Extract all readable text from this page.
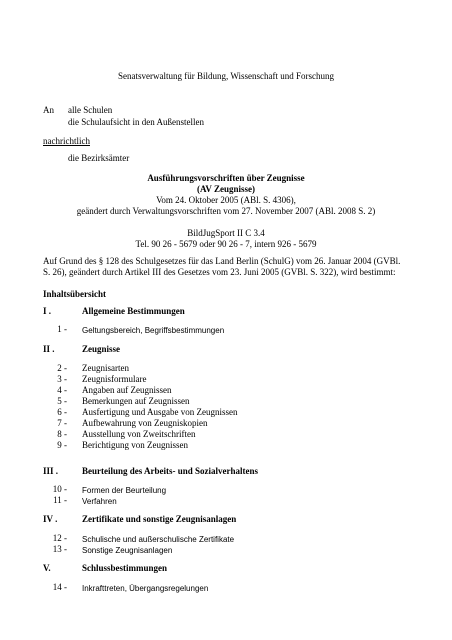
Senatsverwaltung für Bildung, Wissenschaft und Forschung
An alle Schulen
die Schulaufsicht in den Außenstellen
nachrichtlich
die Bezirksämter
Ausführungsvorschriften über Zeugnisse
(AV Zeugnisse)
Vom 24. Oktober 2005 (ABl. S. 4306),
geändert durch Verwaltungsvorschriften vom 27. November 2007 (ABl. 2008 S. 2)
BildJugSport II C 3.4
Tel. 90 26 - 5679 oder 90 26 - 7, intern 926 - 5679
Auf Grund des § 128 des Schulgesetzes für das Land Berlin (SchulG) vom 26. Januar 2004 (GVBl.
S. 26), geändert durch Artikel III des Gesetzes vom 23. Juni 2005 (GVBl. S. 322), wird bestimmt:
Inhaltsübersicht
I .	Allgemeine Bestimmungen
1 - Geltungsbereich, Begriffsbestimmungen
II .	Zeugnisse
2 - Zeugnisarten
3 - Zeugnisformulare
4 - Angaben auf Zeugnissen
5 - Bemerkungen auf Zeugnissen
6 - Ausfertigung und Ausgabe von Zeugnissen
7 - Aufbewahrung von Zeugniskopien
8 - Ausstellung von Zweitschriften
9 - Berichtigung von Zeugnissen
III .	Beurteilung des Arbeits- und Sozialverhaltens
10 - Formen der Beurteilung
11 - Verfahren
IV .	Zertifikate und sonstige Zeugnisanlagen
12 - Schulische und außerschulische Zertifikate
13 - Sonstige Zeugnisanlagen
V.	Schlussbestimmungen
14 - Inkrafttreten, Übergangsregelungen
